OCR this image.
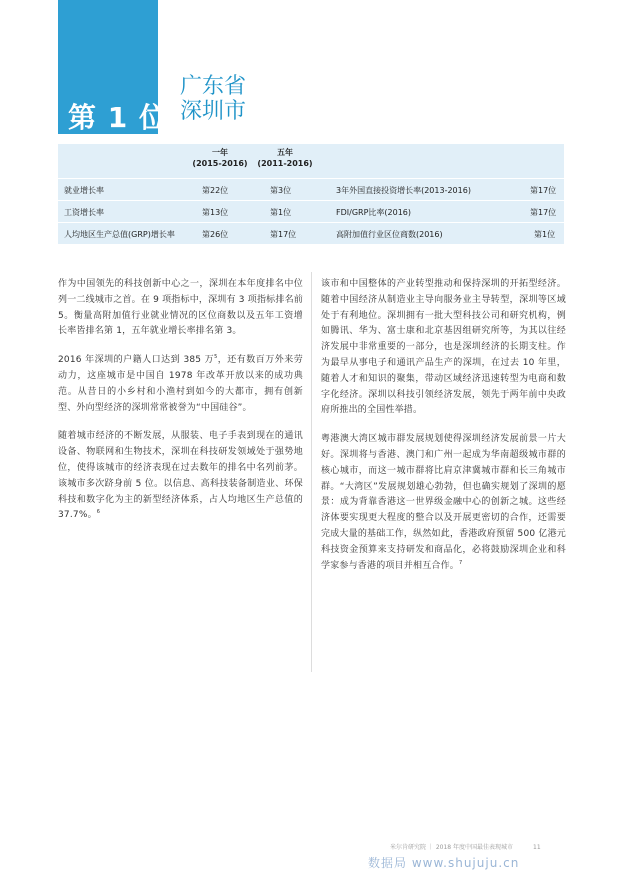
第 1 位
广东省
深圳市
一年
(2015-2016)
五年
(2011-2016)
就业增长率	第22位	第3位	3年外国直接投资增长率(2013-2016)	第17位
工资增长率	第13位	第1位	FDI/GRP比率(2016)	第17位
人均地区生产总值(GRP)增长率	第26位	第17位	高附加值行业区位商数(2016)	第1位

作为中国领先的科技创新中心之一，深圳在本年度排名中位列一二线城市之首。在 9 项指标中，深圳有 3 项指标排名前 5。衡量高附加值行业就业情况的区位商数以及五年工资增长率皆排名第 1，五年就业增长率排名第 3。

2016 年深圳的户籍人口达到 385 万$^5$，还有数百万外来劳动力，这座城市是中国自 1978 年改革开放以来的成功典范。从昔日的小乡村和小渔村到如今的大都市，拥有创新型、外向型经济的深圳常常被誉为“中国硅谷”。

随着城市经济的不断发展，从服装、电子手表到现在的通讯设备、物联网和生物技术，深圳在科技研发领域处于强势地位，使得该城市的经济表现在过去数年的排名中名列前茅。该城市多次跻身前 5 位。以信息、高科技装备制造业、环保科技和数字化为主的新型经济体系，占人均地区生产总值的 37.7%。$^6$

该市和中国整体的产业转型推动和保持深圳的开拓型经济。随着中国经济从制造业主导向服务业主导转型，深圳等区域处于有利地位。深圳拥有一批大型科技公司和研究机构，例如腾讯、华为、富士康和北京基因组研究所等，为其以往经济发展中非常重要的一部分，也是深圳经济的长期支柱。作为最早从事电子和通讯产品生产的深圳，在过去 10 年里，随着人才和知识的聚集，带动区域经济迅速转型为电商和数字化经济。深圳以科技引领经济发展，领先于两年前中央政府所推出的全国性举措。

粤港澳大湾区城市群发展规划使得深圳经济发展前景一片大好。深圳将与香港、澳门和广州一起成为华南超级城市群的核心城市，而这一城市群将比肩京津冀城市群和长三角城市群。“大湾区”发展规划雄心勃勃，但也确实规划了深圳的愿景：成为背靠香港这一世界级金融中心的创新之城。这些经济体要实现更大程度的整合以及开展更密切的合作，还需要完成大量的基础工作，纵然如此，香港政府预留 500 亿港元科技资金预算来支持研发和商品化，必将鼓励深圳企业和科学家参与香港的项目并相互合作。$^7$

米尔肯研究院 ｜ 2018 年度中国最佳表现城市	11
数据局 www.shujuju.cn
